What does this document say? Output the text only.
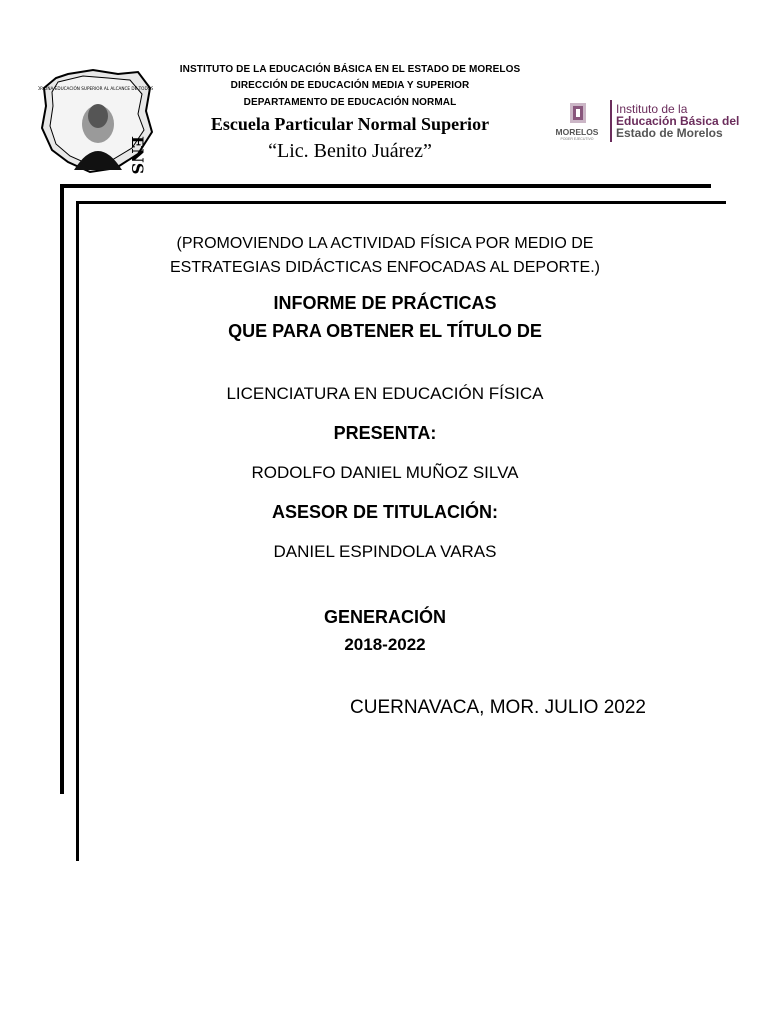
“POR UNA EDUCACIÓN SUPERIOR AL ALCANCE DE TODOS”
ENS
INSTITUTO DE LA EDUCACIÓN BÁSICA EN EL ESTADO DE MORELOS
DIRECCIÓN DE EDUCACIÓN MEDIA Y SUPERIOR
DEPARTAMENTO DE EDUCACIÓN NORMAL
Escuela Particular Normal Superior
“Lic. Benito Juárez”
MORELOS
PODER EJECUTIVO
Instituto de la
Educación Básica del
Estado de Morelos
(PROMOVIENDO LA ACTIVIDAD FÍSICA POR MEDIO DE
ESTRATEGIAS DIDÁCTICAS ENFOCADAS AL DEPORTE.)
INFORME DE PRÁCTICAS
QUE PARA OBTENER EL TÍTULO DE
LICENCIATURA EN EDUCACIÓN FÍSICA
PRESENTA:
RODOLFO DANIEL MUÑOZ SILVA
ASESOR DE TITULACIÓN:
DANIEL ESPINDOLA VARAS
GENERACIÓN
2018-2022
CUERNAVACA, MOR. JULIO 2022
